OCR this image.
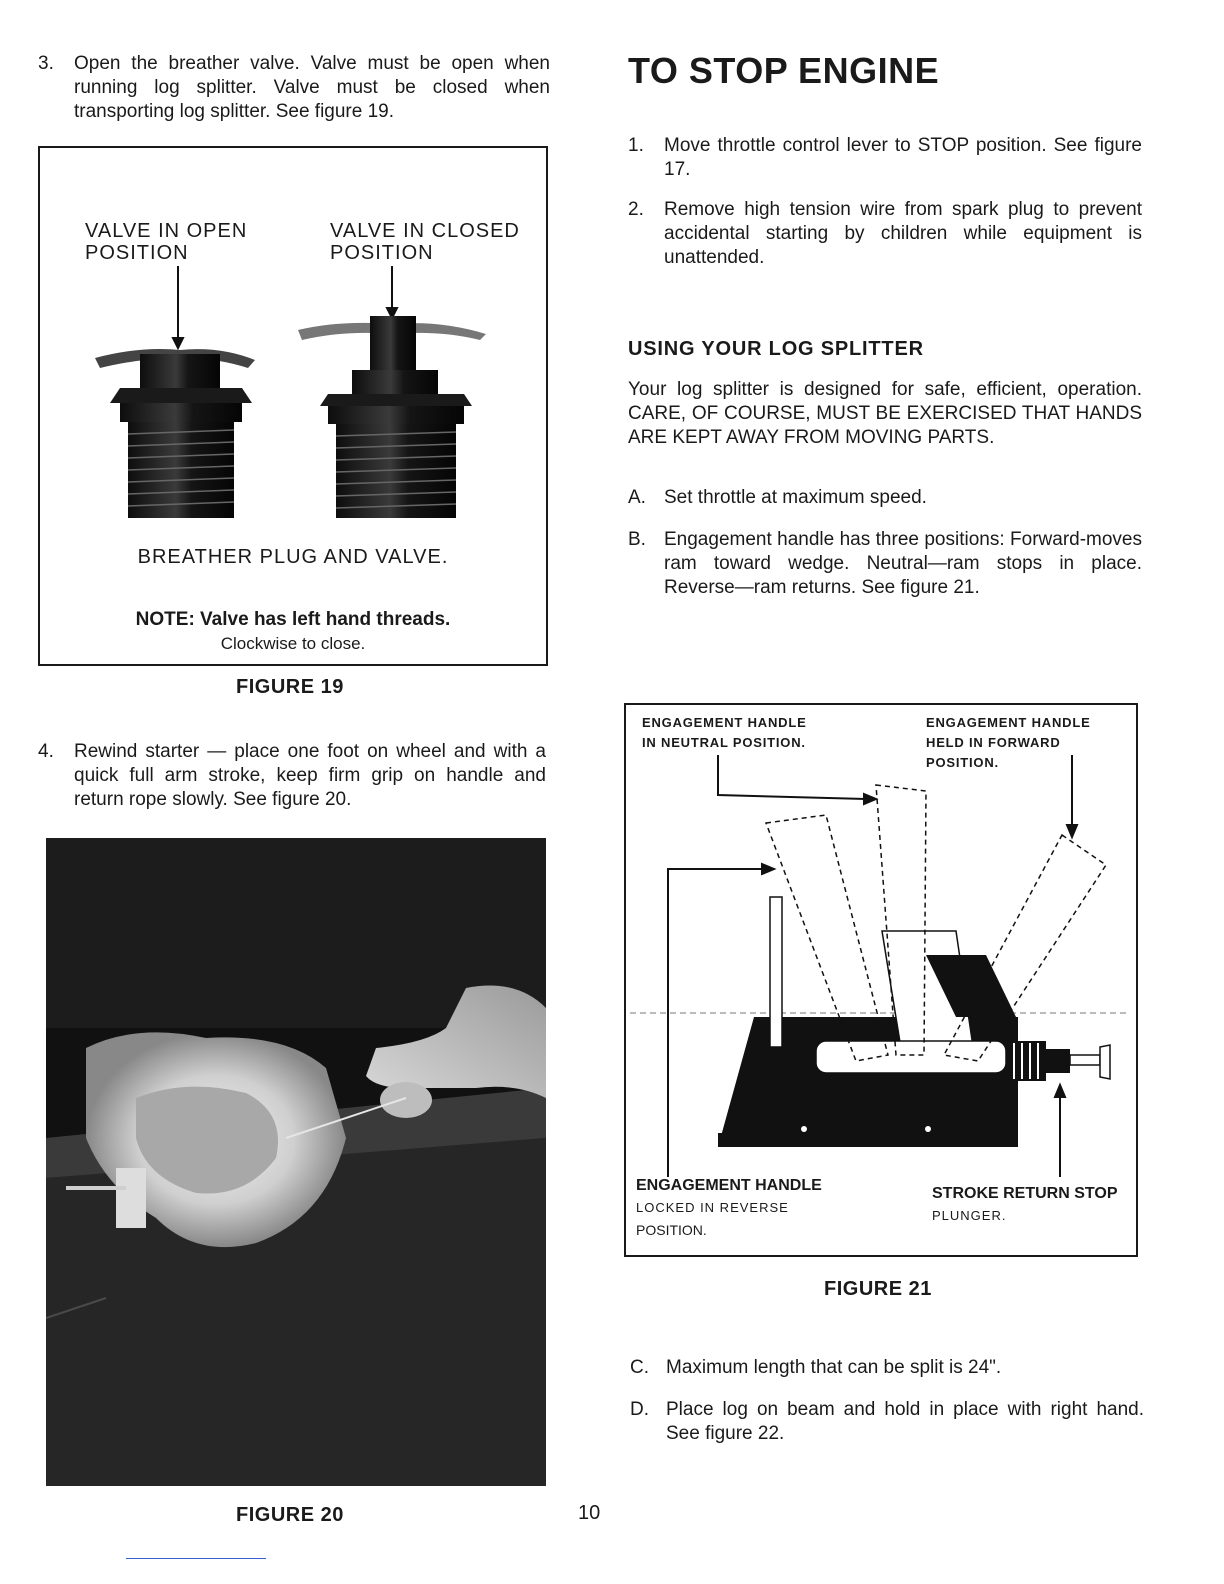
3. Open the breather valve. Valve must be open when running log splitter. Valve must be closed when transporting log splitter. See figure 19.
VALVE IN OPEN
POSITION
VALVE IN CLOSED
POSITION
BREATHER PLUG AND VALVE.
NOTE: Valve has left hand threads.
Clockwise to close.
FIGURE 19
4. Rewind starter — place one foot on wheel and with a quick full arm stroke, keep firm grip on handle and return rope slowly. See figure 20.
FIGURE 20	10
TO STOP ENGINE
1. Move throttle control lever to STOP position. See figure 17.
2. Remove high tension wire from spark plug to prevent accidental starting by children while equipment is unattended.
USING YOUR LOG SPLITTER
Your log splitter is designed for safe, efficient, operation. CARE, OF COURSE, MUST BE EXERCISED THAT HANDS ARE KEPT AWAY FROM MOVING PARTS.
A. Set throttle at maximum speed.
B. Engagement handle has three positions: Forward-moves ram toward wedge. Neutral—ram stops in place. Reverse—ram returns. See figure 21.
ENGAGEMENT HANDLE
IN NEUTRAL POSITION.
ENGAGEMENT HANDLE
HELD IN FORWARD
POSITION.
ENGAGEMENT HANDLE
LOCKED IN REVERSE
POSITION.
STROKE RETURN STOP
PLUNGER.
FIGURE 21
C. Maximum length that can be split is 24".
D. Place log on beam and hold in place with right hand. See figure 22.
